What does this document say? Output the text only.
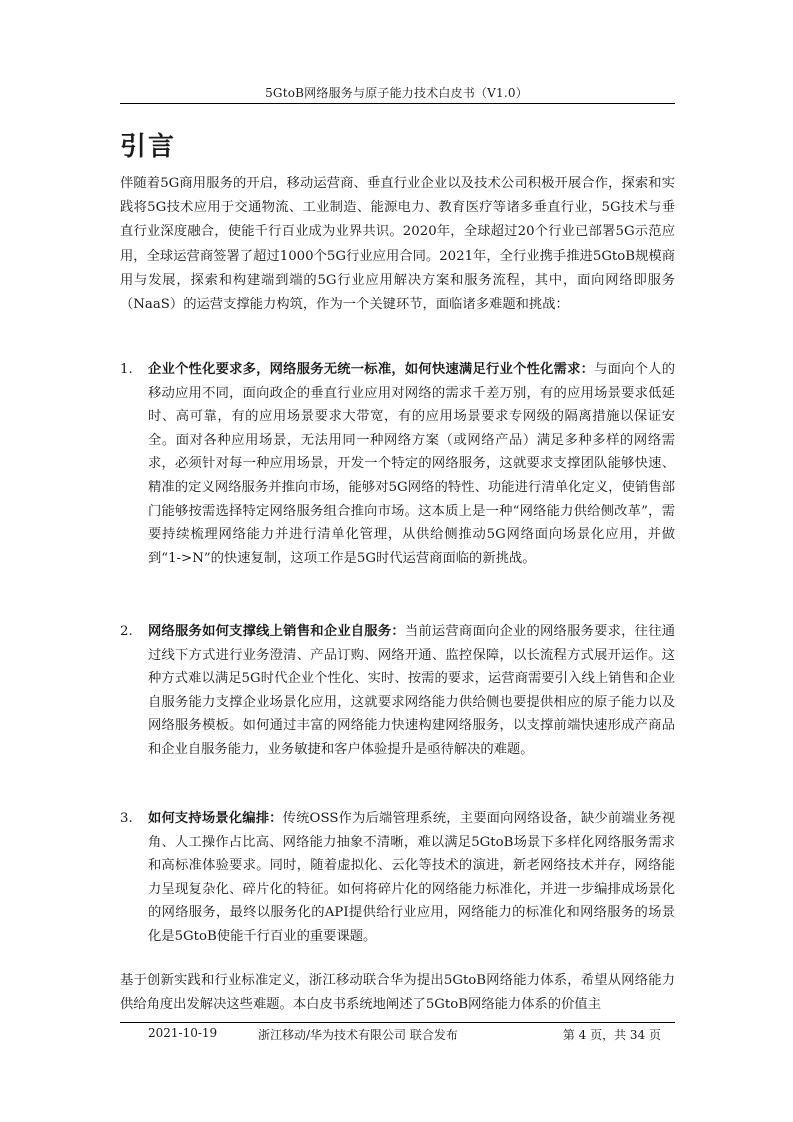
5GtoB网络服务与原子能力技术白皮书（V1.0）
引言

伴随着5G商用服务的开启，移动运营商、垂直行业企业以及技术公司积极开展合作，探索和实践将5G技术应用于交通物流、工业制造、能源电力、教育医疗等诸多垂直行业，5G技术与垂直行业深度融合，使能千行百业成为业界共识。2020年，全球超过20个行业已部署5G示范应用，全球运营商签署了超过1000个5G行业应用合同。2021年，全行业携手推进5GtoB规模商用与发展，探索和构建端到端的5G行业应用解决方案和服务流程，其中，面向网络即服务（NaaS）的运营支撑能力构筑，作为一个关键环节，面临诸多难题和挑战：

1.	企业个性化要求多，网络服务无统一标准，如何快速满足行业个性化需求：与面向个人的移动应用不同，面向政企的垂直行业应用对网络的需求千差万别，有的应用场景要求低延时、高可靠，有的应用场景要求大带宽，有的应用场景要求专网级的隔离措施以保证安全。面对各种应用场景，无法用同一种网络方案（或网络产品）满足多种多样的网络需求，必须针对每一种应用场景，开发一个特定的网络服务，这就要求支撑团队能够快速、精准的定义网络服务并推向市场，能够对5G网络的特性、功能进行清单化定义，使销售部门能够按需选择特定网络服务组合推向市场。这本质上是一种“网络能力供给侧改革”，需要持续梳理网络能力并进行清单化管理，从供给侧推动5G网络面向场景化应用，并做到“1->N”的快速复制，这项工作是5G时代运营商面临的新挑战。
2.	网络服务如何支撑线上销售和企业自服务：当前运营商面向企业的网络服务要求，往往通过线下方式进行业务澄清、产品订购、网络开通、监控保障，以长流程方式展开运作。这种方式难以满足5G时代企业个性化、实时、按需的要求，运营商需要引入线上销售和企业自服务能力支撑企业场景化应用，这就要求网络能力供给侧也要提供相应的原子能力以及网络服务模板。如何通过丰富的网络能力快速构建网络服务，以支撑前端快速形成产商品和企业自服务能力，业务敏捷和客户体验提升是亟待解决的难题。
3.	如何支持场景化编排：传统OSS作为后端管理系统，主要面向网络设备，缺少前端业务视角、人工操作占比高、网络能力抽象不清晰，难以满足5GtoB场景下多样化网络服务需求和高标准体验要求。同时，随着虚拟化、云化等技术的演进，新老网络技术并存，网络能力呈现复杂化、碎片化的特征。如何将碎片化的网络能力标准化，并进一步编排成场景化的网络服务，最终以服务化的API提供给行业应用，网络能力的标准化和网络服务的场景化是5GtoB使能千行百业的重要课题。

基于创新实践和行业标准定义，浙江移动联合华为提出5GtoB网络能力体系，希望从网络能力供给角度出发解决这些难题。本白皮书系统地阐述了5GtoB网络能力体系的价值主

2021-10-19	浙江移动/华为技术有限公司 联合发布	第 4 页，共 34 页
